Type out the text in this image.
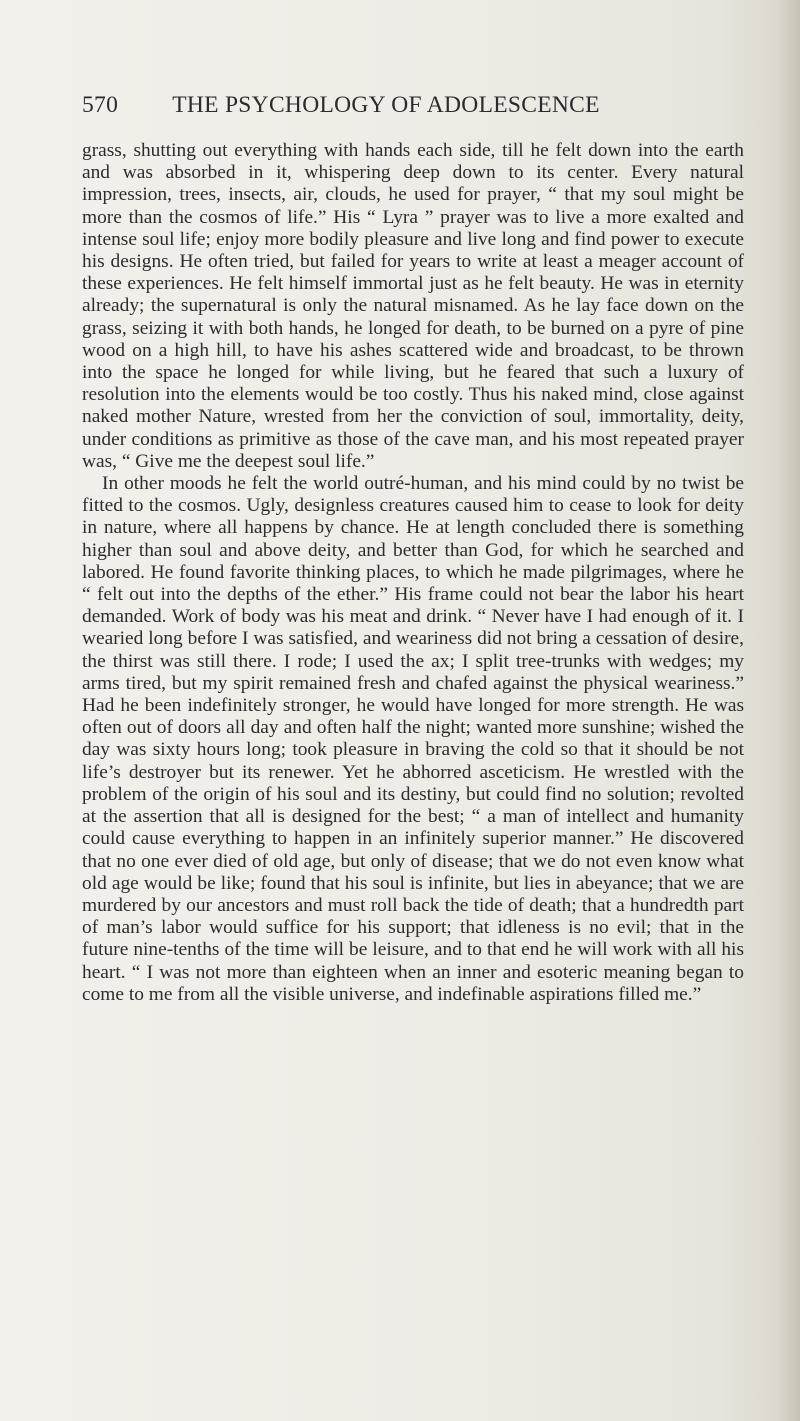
570 THE PSYCHOLOGY OF ADOLESCENCE

grass, shutting out everything with hands each side, till he felt down into the earth and was absorbed in it, whispering deep down to its center. Every natural impression, trees, insects, air, clouds, he used for prayer, “ that my soul might be more than the cosmos of life.” His “ Lyra ” prayer was to live a more exalted and intense soul life; enjoy more bodily pleasure and live long and find power to execute his designs. He often tried, but failed for years to write at least a meager account of these experiences. He felt himself immortal just as he felt beauty. He was in eternity already; the supernatural is only the natural misnamed. As he lay face down on the grass, seizing it with both hands, he longed for death, to be burned on a pyre of pine wood on a high hill, to have his ashes scattered wide and broadcast, to be thrown into the space he longed for while living, but he feared that such a luxury of resolution into the elements would be too costly. Thus his naked mind, close against naked mother Nature, wrested from her the conviction of soul, immortality, deity, under conditions as primitive as those of the cave man, and his most repeated prayer was, “ Give me the deepest soul life.”

In other moods he felt the world outré-human, and his mind could by no twist be fitted to the cosmos. Ugly, designless creatures caused him to cease to look for deity in nature, where all happens by chance. He at length concluded there is something higher than soul and above deity, and better than God, for which he searched and labored. He found favorite thinking places, to which he made pilgrimages, where he “ felt out into the depths of the ether.” His frame could not bear the labor his heart demanded. Work of body was his meat and drink. “ Never have I had enough of it. I wearied long before I was satisfied, and weariness did not bring a cessation of desire, the thirst was still there. I rode; I used the ax; I split tree-trunks with wedges; my arms tired, but my spirit remained fresh and chafed against the physical weariness.” Had he been indefinitely stronger, he would have longed for more strength. He was often out of doors all day and often half the night; wanted more sunshine; wished the day was sixty hours long; took pleasure in braving the cold so that it should be not life’s destroyer but its renewer. Yet he abhorred asceticism. He wrestled with the problem of the origin of his soul and its destiny, but could find no solution; revolted at the assertion that all is designed for the best; “ a man of intellect and humanity could cause everything to happen in an infinitely superior manner.” He discovered that no one ever died of old age, but only of disease; that we do not even know what old age would be like; found that his soul is infinite, but lies in abeyance; that we are murdered by our ancestors and must roll back the tide of death; that a hundredth part of man’s labor would suffice for his support; that idleness is no evil; that in the future nine-tenths of the time will be leisure, and to that end he will work with all his heart. “ I was not more than eighteen when an inner and esoteric meaning began to come to me from all the visible universe, and indefinable aspirations filled me.”
